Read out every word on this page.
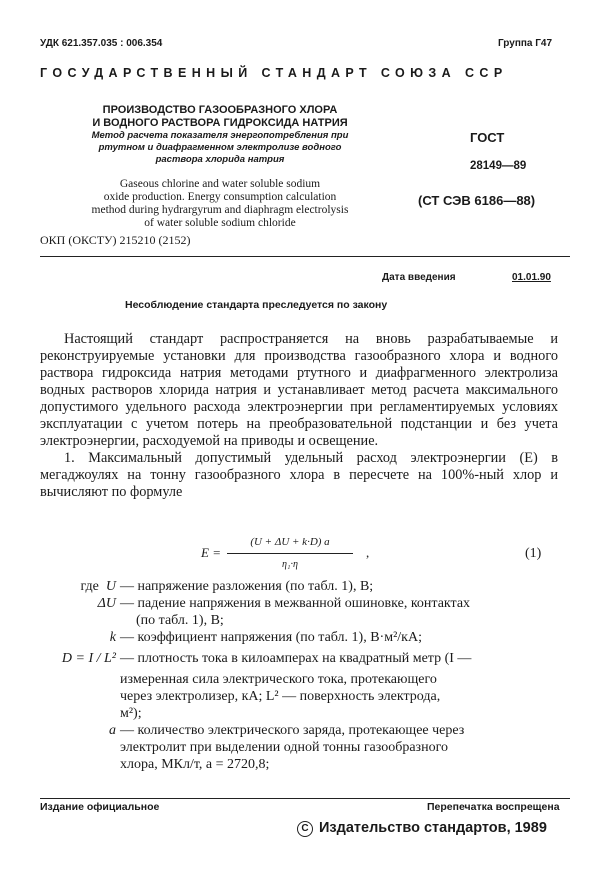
УДК 621.357.035 : 006.354	Группа Г47
ГОСУДАРСТВЕННЫЙ СТАНДАРТ СОЮЗА ССР
ПРОИЗВОДСТВО ГАЗООБРАЗНОГО ХЛОРА
И ВОДНОГО РАСТВОРА ГИДРОКСИДА НАТРИЯ
Метод расчета показателя энергопотребления при
ртутном и диафрагменном электролизе водного
раствора хлорида натрия
Gaseous chlorine and water soluble sodium
oxide production. Energy consumption calculation
method during hydrargyrum and diaphragm electrolysis
of water soluble sodium chloride
ОКП (ОКСТУ) 215210 (2152)
ГОСТ
28149—89
(СТ СЭВ 6186—88)
Дата введения	01.01.90
Несоблюдение стандарта преследуется по закону

Настоящий стандарт распространяется на вновь разрабатываемые и реконструируемые установки для производства газообразного хлора и водного раствора гидроксида натрия методами ртутного и диафрагменного электролиза водных растворов хлорида натрия и устанавливает метод расчета максимального допустимого удельного расхода электроэнергии при регламентируемых условиях эксплуатации с учетом потерь на преобразовательной подстанции и без учета электроэнергии, расходуемой на приводы и освещение.

1. Максимальный допустимый удельный расход электроэнергии (E) в мегаджоулях на тонну газообразного хлора в пересчете на 100%-ный хлор и вычисляют по формуле

E =
(U + ΔU + k·D) a
η₁·η
,	(1)
где U — напряжение разложения (по табл. 1), В;
ΔU — падение напряжения в межванной ошиновке, контактах
(по табл. 1), В;
k — коэффициент напряжения (по табл. 1), В·м²/кА;
D = I / L² — плотность тока в килоамперах на квадратный метр (I —
измеренная сила электрического тока, протекающего
через электролизер, кА; L² — поверхность электрода,
м²);
a — количество электрического заряда, протекающее через
электролит при выделении одной тонны газообразного
хлора, МКл/т, a = 2720,8;
Издание официальное	Перепечатка воспрещена
C Издательство стандартов, 1989
